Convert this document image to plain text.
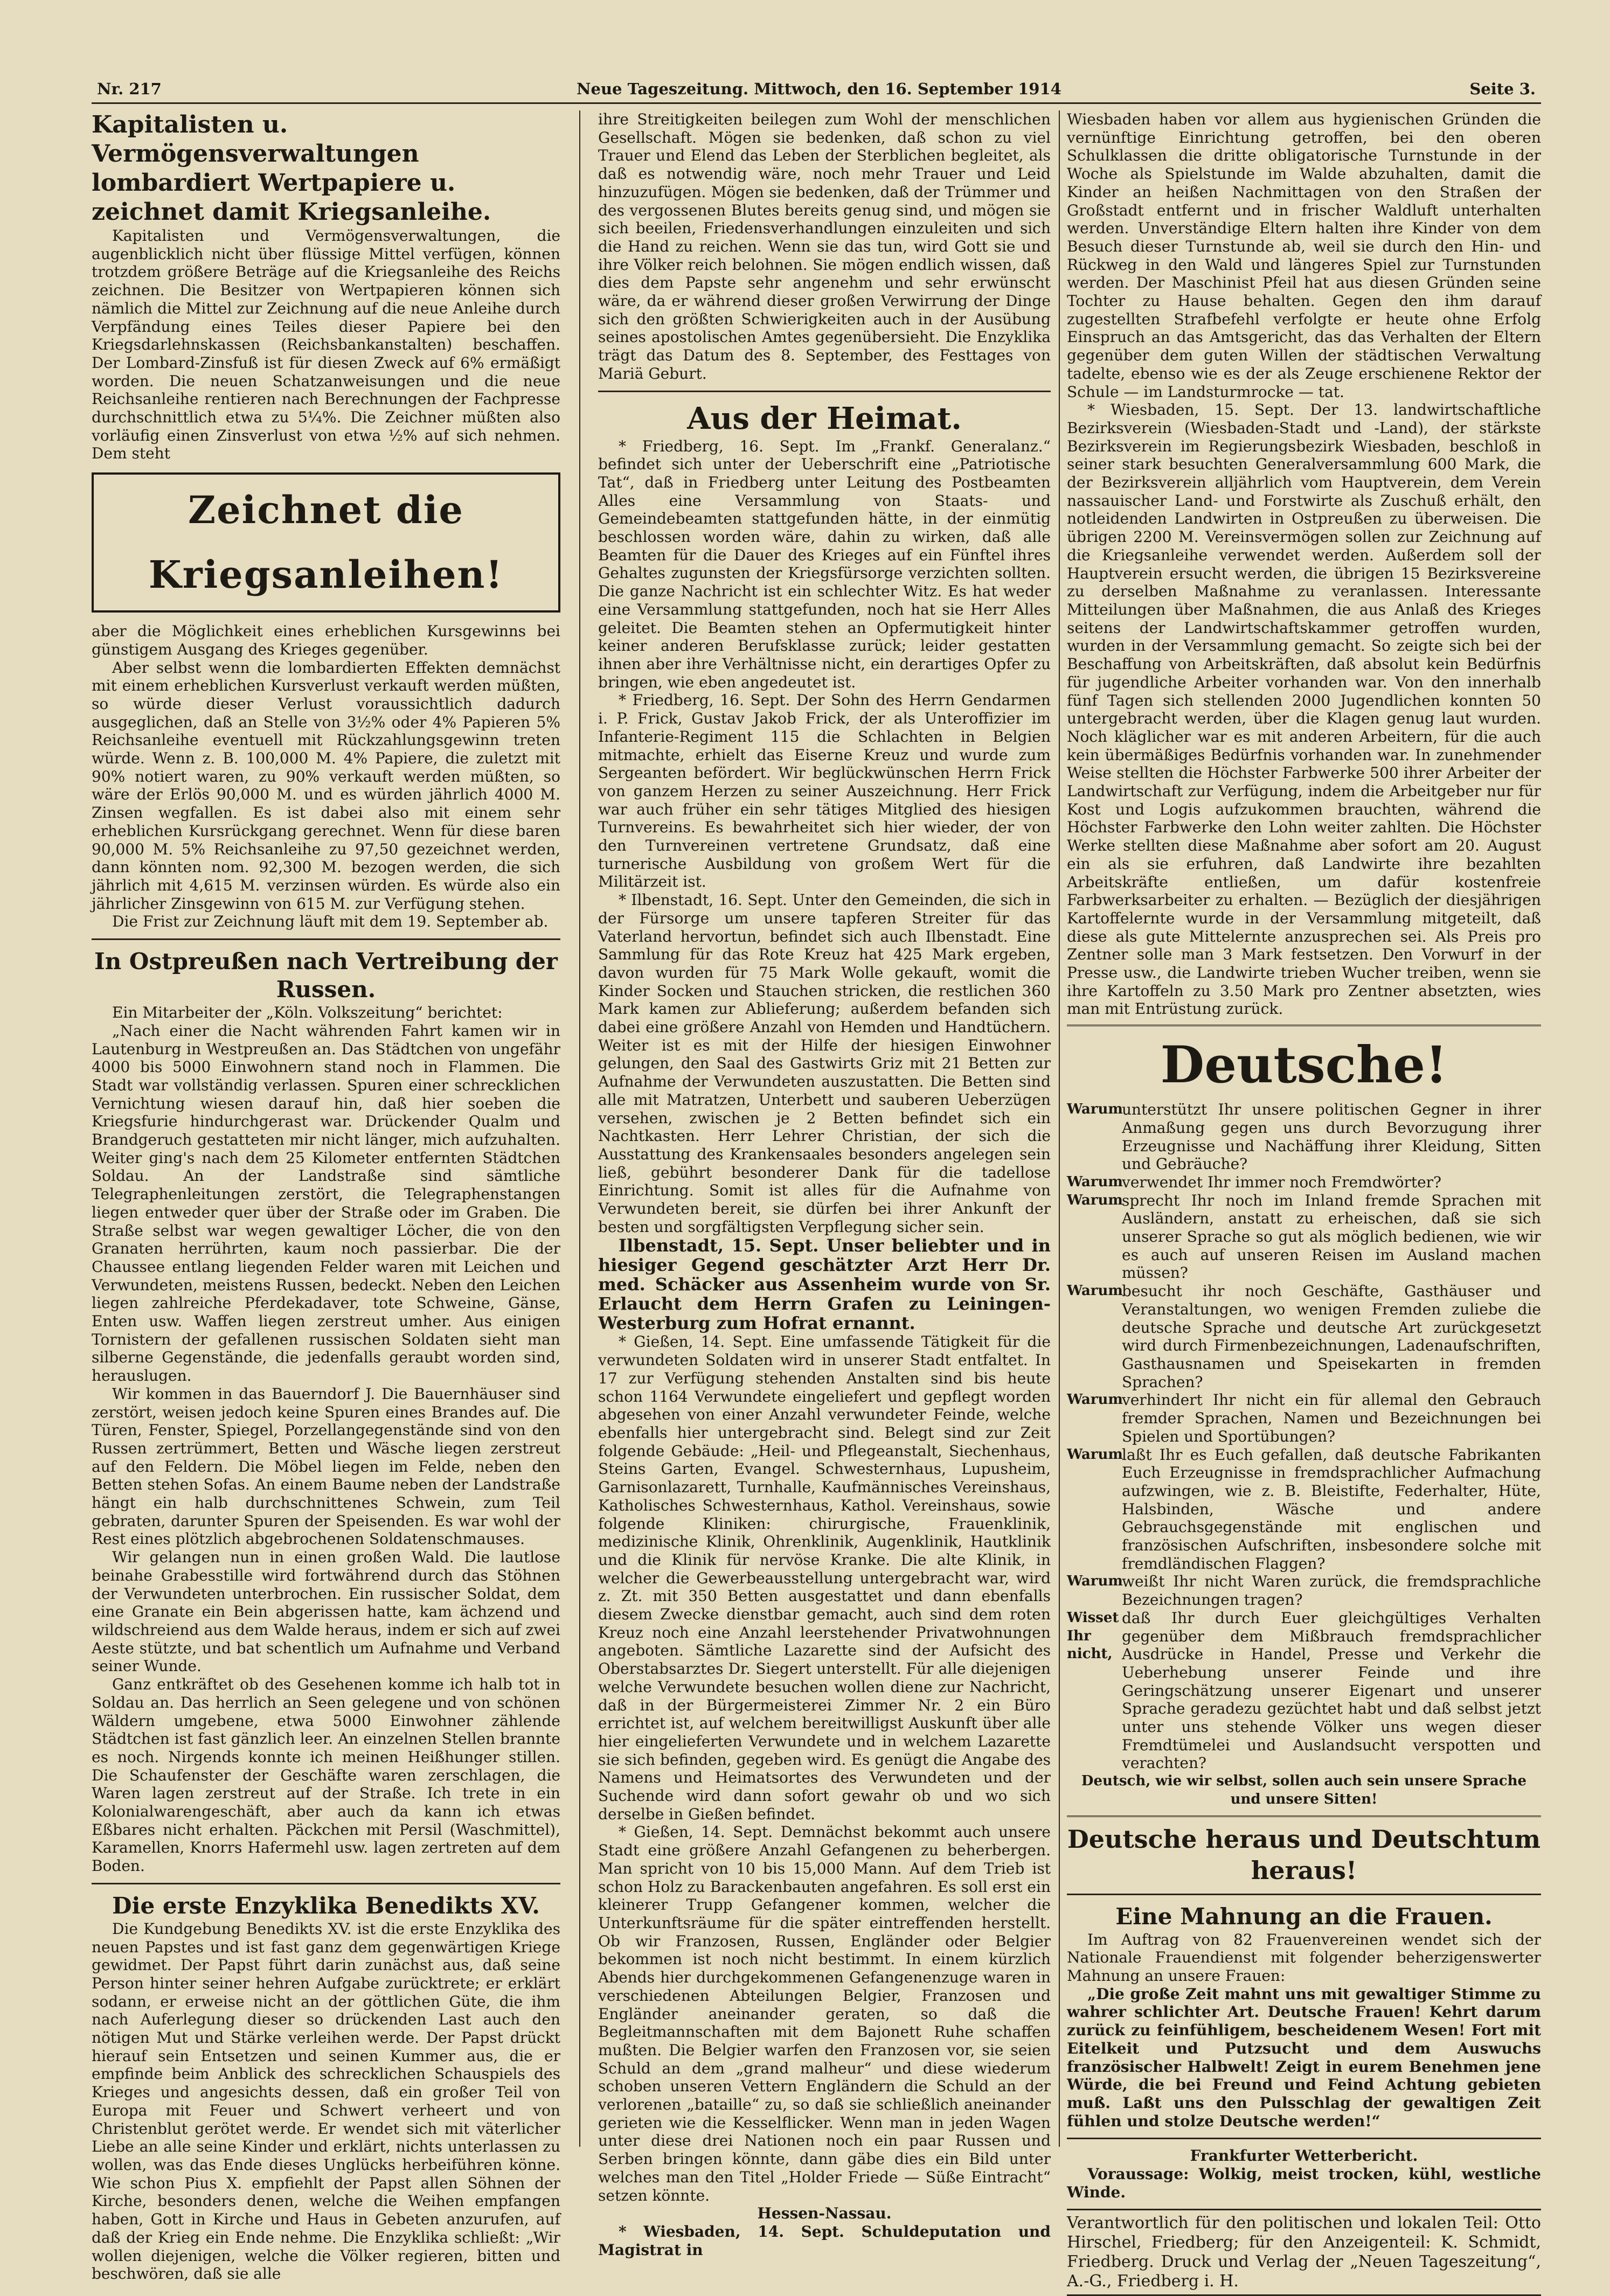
Nr. 217	Neue Tageszeitung. Mittwoch, den 16. September 1914	Seite 3.
Kapitalisten u. Vermögensverwaltungen lombardiert Wertpapiere u. zeichnet damit Kriegsanleihe.

Kapitalisten und Vermögensverwaltungen, die augenblicklich nicht über flüssige Mittel verfügen, können trotzdem größere Beträge auf die Kriegsanleihe des Reichs zeichnen. Die Besitzer von Wertpapieren können sich nämlich die Mittel zur Zeichnung auf die neue Anleihe durch Verpfändung eines Teiles dieser Papiere bei den Kriegsdarlehnskassen (Reichsbankanstalten) beschaffen. Der Lombard-Zinsfuß ist für diesen Zweck auf 6% ermäßigt worden. Die neuen Schatzanweisungen und die neue Reichsanleihe rentieren nach Berechnungen der Fachpresse durchschnittlich etwa zu 5¼%. Die Zeichner müßten also vorläufig einen Zinsverlust von etwa ½% auf sich nehmen. Dem steht

Zeichnet die Kriegsanleihen!

aber die Möglichkeit eines erheblichen Kursgewinns bei günstigem Ausgang des Krieges gegenüber.

Aber selbst wenn die lombardierten Effekten demnächst mit einem erheblichen Kursverlust verkauft werden müßten, so würde dieser Verlust voraussichtlich dadurch ausgeglichen, daß an Stelle von 3½% oder 4% Papieren 5% Reichsanleihe eventuell mit Rückzahlungsgewinn treten würde. Wenn z. B. 100,000 M. 4% Papiere, die zuletzt mit 90% notiert waren, zu 90% verkauft werden müßten, so wäre der Erlös 90,000 M. und es würden jährlich 4000 M. Zinsen wegfallen. Es ist dabei also mit einem sehr erheblichen Kursrückgang gerechnet. Wenn für diese baren 90,000 M. 5% Reichsanleihe zu 97,50 gezeichnet werden, dann könnten nom. 92,300 M. bezogen werden, die sich jährlich mit 4,615 M. verzinsen würden. Es würde also ein jährlicher Zinsgewinn von 615 M. zur Verfügung stehen.

Die Frist zur Zeichnung läuft mit dem 19. September ab.

In Ostpreußen nach Vertreibung der Russen.

Ein Mitarbeiter der „Köln. Volkszeitung“ berichtet:

„Nach einer die Nacht währenden Fahrt kamen wir in Lautenburg in Westpreußen an. Das Städtchen von ungefähr 4000 bis 5000 Einwohnern stand noch in Flammen. Die Stadt war vollständig verlassen. Spuren einer schrecklichen Vernichtung wiesen darauf hin, daß hier soeben die Kriegsfurie hindurchgerast war. Drückender Qualm und Brandgeruch gestatteten mir nicht länger, mich aufzuhalten. Weiter ging's nach dem 25 Kilometer entfernten Städtchen Soldau. An der Landstraße sind sämtliche Telegraphenleitungen zerstört, die Telegraphenstangen liegen entweder quer über der Straße oder im Graben. Die Straße selbst war wegen gewaltiger Löcher, die von den Granaten herrührten, kaum noch passierbar. Die der Chaussee entlang liegenden Felder waren mit Leichen und Verwundeten, meistens Russen, bedeckt. Neben den Leichen liegen zahlreiche Pferdekadaver, tote Schweine, Gänse, Enten usw. Waffen liegen zerstreut umher. Aus einigen Tornistern der gefallenen russischen Soldaten sieht man silberne Gegenstände, die jedenfalls geraubt worden sind, herauslugen.

Wir kommen in das Bauerndorf J. Die Bauernhäuser sind zerstört, weisen jedoch keine Spuren eines Brandes auf. Die Türen, Fenster, Spiegel, Porzellangegenstände sind von den Russen zertrümmert, Betten und Wäsche liegen zerstreut auf den Feldern. Die Möbel liegen im Felde, neben den Betten stehen Sofas. An einem Baume neben der Landstraße hängt ein halb durchschnittenes Schwein, zum Teil gebraten, darunter Spuren der Speisenden. Es war wohl der Rest eines plötzlich abgebrochenen Soldatenschmauses.

Wir gelangen nun in einen großen Wald. Die lautlose beinahe Grabesstille wird fortwährend durch das Stöhnen der Verwundeten unterbrochen. Ein russischer Soldat, dem eine Granate ein Bein abgerissen hatte, kam ächzend und wildschreiend aus dem Walde heraus, indem er sich auf zwei Aeste stützte, und bat schentlich um Aufnahme und Verband seiner Wunde.

Ganz entkräftet ob des Gesehenen komme ich halb tot in Soldau an. Das herrlich an Seen gelegene und von schönen Wäldern umgebene, etwa 5000 Einwohner zählende Städtchen ist fast gänzlich leer. An einzelnen Stellen brannte es noch. Nirgends konnte ich meinen Heißhunger stillen. Die Schaufenster der Geschäfte waren zerschlagen, die Waren lagen zerstreut auf der Straße. Ich trete in ein Kolonialwarengeschäft, aber auch da kann ich etwas Eßbares nicht erhalten. Päckchen mit Persil (Waschmittel), Karamellen, Knorrs Hafermehl usw. lagen zertreten auf dem Boden.

Die erste Enzyklika Benedikts XV.

Die Kundgebung Benedikts XV. ist die erste Enzyklika des neuen Papstes und ist fast ganz dem gegenwärtigen Kriege gewidmet. Der Papst führt darin zunächst aus, daß seine Person hinter seiner hehren Aufgabe zurücktrete; er erklärt sodann, er erweise nicht an der göttlichen Güte, die ihm nach Auferlegung dieser so drückenden Last auch den nötigen Mut und Stärke verleihen werde. Der Papst drückt hierauf sein Entsetzen und seinen Kummer aus, die er empfinde beim Anblick des schrecklichen Schauspiels des Krieges und angesichts dessen, daß ein großer Teil von Europa mit Feuer und Schwert verheert und von Christenblut gerötet werde. Er wendet sich mit väterlicher Liebe an alle seine Kinder und erklärt, nichts unterlassen zu wollen, was das Ende dieses Unglücks herbeiführen könne. Wie schon Pius X. empfiehlt der Papst allen Söhnen der Kirche, besonders denen, welche die Weihen empfangen haben, Gott in Kirche und Haus in Gebeten anzurufen, auf daß der Krieg ein Ende nehme. Die Enzyklika schließt: „Wir wollen diejenigen, welche die Völker regieren, bitten und beschwören, daß sie alle

ihre Streitigkeiten beilegen zum Wohl der menschlichen Gesellschaft. Mögen sie bedenken, daß schon zu viel Trauer und Elend das Leben der Sterblichen begleitet, als daß es notwendig wäre, noch mehr Trauer und Leid hinzuzufügen. Mögen sie bedenken, daß der Trümmer und des vergossenen Blutes bereits genug sind, und mögen sie sich beeilen, Friedensverhandlungen einzuleiten und sich die Hand zu reichen. Wenn sie das tun, wird Gott sie und ihre Völker reich belohnen. Sie mögen endlich wissen, daß dies dem Papste sehr angenehm und sehr erwünscht wäre, da er während dieser großen Verwirrung der Dinge sich den größten Schwierigkeiten auch in der Ausübung seines apostolischen Amtes gegenübersieht. Die Enzyklika trägt das Datum des 8. September, des Festtages von Mariä Geburt.

Aus der Heimat.

* Friedberg, 16. Sept. Im „Frankf. Generalanz.“ befindet sich unter der Ueberschrift eine „Patriotische Tat“, daß in Friedberg unter Leitung des Postbeamten Alles eine Versammlung von Staats- und Gemeindebeamten stattgefunden hätte, in der einmütig beschlossen worden wäre, dahin zu wirken, daß alle Beamten für die Dauer des Krieges auf ein Fünftel ihres Gehaltes zugunsten der Kriegsfürsorge verzichten sollten. Die ganze Nachricht ist ein schlechter Witz. Es hat weder eine Versammlung stattgefunden, noch hat sie Herr Alles geleitet. Die Beamten stehen an Opfermutigkeit hinter keiner anderen Berufsklasse zurück; leider gestatten ihnen aber ihre Verhältnisse nicht, ein derartiges Opfer zu bringen, wie eben angedeutet ist.

* Friedberg, 16. Sept. Der Sohn des Herrn Gendarmen i. P. Frick, Gustav Jakob Frick, der als Unteroffizier im Infanterie-Regiment 115 die Schlachten in Belgien mitmachte, erhielt das Eiserne Kreuz und wurde zum Sergeanten befördert. Wir beglückwünschen Herrn Frick von ganzem Herzen zu seiner Auszeichnung. Herr Frick war auch früher ein sehr tätiges Mitglied des hiesigen Turnvereins. Es bewahrheitet sich hier wieder, der von den Turnvereinen vertretene Grundsatz, daß eine turnerische Ausbildung von großem Wert für die Militärzeit ist.

* Ilbenstadt, 16. Sept. Unter den Gemeinden, die sich in der Fürsorge um unsere tapferen Streiter für das Vaterland hervortun, befindet sich auch Ilbenstadt. Eine Sammlung für das Rote Kreuz hat 425 Mark ergeben, davon wurden für 75 Mark Wolle gekauft, womit die Kinder Socken und Stauchen stricken, die restlichen 360 Mark kamen zur Ablieferung; außerdem befanden sich dabei eine größere Anzahl von Hemden und Handtüchern. Weiter ist es mit der Hilfe der hiesigen Einwohner gelungen, den Saal des Gastwirts Griz mit 21 Betten zur Aufnahme der Verwundeten auszustatten. Die Betten sind alle mit Matratzen, Unterbett und sauberen Ueberzügen versehen, zwischen je 2 Betten befindet sich ein Nachtkasten. Herr Lehrer Christian, der sich die Ausstattung des Krankensaales besonders angelegen sein ließ, gebührt besonderer Dank für die tadellose Einrichtung. Somit ist alles für die Aufnahme von Verwundeten bereit, sie dürfen bei ihrer Ankunft der besten und sorgfältigsten Verpflegung sicher sein.

Ilbenstadt, 15. Sept. Unser beliebter und in hiesiger Gegend geschätzter Arzt Herr Dr. med. Schäcker aus Assenheim wurde von Sr. Erlaucht dem Herrn Grafen zu Leiningen-Westerburg zum Hofrat ernannt.

* Gießen, 14. Sept. Eine umfassende Tätigkeit für die verwundeten Soldaten wird in unserer Stadt entfaltet. In 17 zur Verfügung stehenden Anstalten sind bis heute schon 1164 Verwundete eingeliefert und gepflegt worden abgesehen von einer Anzahl verwundeter Feinde, welche ebenfalls hier untergebracht sind. Belegt sind zur Zeit folgende Gebäude: „Heil- und Pflegeanstalt, Siechenhaus, Steins Garten, Evangel. Schwesternhaus, Lupusheim, Garnisonlazarett, Turnhalle, Kaufmännisches Vereinshaus, Katholisches Schwesternhaus, Kathol. Vereinshaus, sowie folgende Kliniken: chirurgische, Frauenklinik, medizinische Klinik, Ohrenklinik, Augenklinik, Hautklinik und die Klinik für nervöse Kranke. Die alte Klinik, in welcher die Gewerbeausstellung untergebracht war, wird z. Zt. mit 350 Betten ausgestattet und dann ebenfalls diesem Zwecke dienstbar gemacht, auch sind dem roten Kreuz noch eine Anzahl leerstehender Privatwohnungen angeboten. Sämtliche Lazarette sind der Aufsicht des Oberstabsarztes Dr. Siegert unterstellt. Für alle diejenigen welche Verwundete besuchen wollen diene zur Nachricht, daß in der Bürgermeisterei Zimmer Nr. 2 ein Büro errichtet ist, auf welchem bereitwilligst Auskunft über alle hier eingelieferten Verwundete und in welchem Lazarette sie sich befinden, gegeben wird. Es genügt die Angabe des Namens und Heimatsortes des Verwundeten und der Suchende wird dann sofort gewahr ob und wo sich derselbe in Gießen befindet.

* Gießen, 14. Sept. Demnächst bekommt auch unsere Stadt eine größere Anzahl Gefangenen zu beherbergen. Man spricht von 10 bis 15,000 Mann. Auf dem Trieb ist schon Holz zu Barackenbauten angefahren. Es soll erst ein kleinerer Trupp Gefangener kommen, welcher die Unterkunftsräume für die später eintreffenden herstellt. Ob wir Franzosen, Russen, Engländer oder Belgier bekommen ist noch nicht bestimmt. In einem kürzlich Abends hier durchgekommenen Gefangenenzuge waren in verschiedenen Abteilungen Belgier, Franzosen und Engländer aneinander geraten, so daß die Begleitmannschaften mit dem Bajonett Ruhe schaffen mußten. Die Belgier warfen den Franzosen vor, sie seien Schuld an dem „grand malheur“ und diese wiederum schoben unseren Vettern Engländern die Schuld an der verlorenen „bataille“ zu, so daß sie schließlich aneinander gerieten wie die Kesselflicker. Wenn man in jeden Wagen unter diese drei Nationen noch ein paar Russen und Serben bringen könnte, dann gäbe dies ein Bild unter welches man den Titel „Holder Friede — Süße Eintracht“ setzen könnte.

Hessen-Nassau.

* Wiesbaden, 14. Sept. Schuldeputation und Magistrat in

Wiesbaden haben vor allem aus hygienischen Gründen die vernünftige Einrichtung getroffen, bei den oberen Schulklassen die dritte obligatorische Turnstunde in der Woche als Spielstunde im Walde abzuhalten, damit die Kinder an heißen Nachmittagen von den Straßen der Großstadt entfernt und in frischer Waldluft unterhalten werden. Unverständige Eltern halten ihre Kinder von dem Besuch dieser Turnstunde ab, weil sie durch den Hin- und Rückweg in den Wald und längeres Spiel zur Turnstunden werden. Der Maschinist Pfeil hat aus diesen Gründen seine Tochter zu Hause behalten. Gegen den ihm darauf zugestellten Strafbefehl verfolgte er heute ohne Erfolg Einspruch an das Amtsgericht, das das Verhalten der Eltern gegenüber dem guten Willen der städtischen Verwaltung tadelte, ebenso wie es der als Zeuge erschienene Rektor der Schule — im Landsturmrocke — tat.

* Wiesbaden, 15. Sept. Der 13. landwirtschaftliche Bezirksverein (Wiesbaden-Stadt und -Land), der stärkste Bezirksverein im Regierungsbezirk Wiesbaden, beschloß in seiner stark besuchten Generalversammlung 600 Mark, die der Bezirksverein alljährlich vom Hauptverein, dem Verein nassauischer Land- und Forstwirte als Zuschuß erhält, den notleidenden Landwirten in Ostpreußen zu überweisen. Die übrigen 2200 M. Vereinsvermögen sollen zur Zeichnung auf die Kriegsanleihe verwendet werden. Außerdem soll der Hauptverein ersucht werden, die übrigen 15 Bezirksvereine zu derselben Maßnahme zu veranlassen. Interessante Mitteilungen über Maßnahmen, die aus Anlaß des Krieges seitens der Landwirtschaftskammer getroffen wurden, wurden in der Versammlung gemacht. So zeigte sich bei der Beschaffung von Arbeitskräften, daß absolut kein Bedürfnis für jugendliche Arbeiter vorhanden war. Von den innerhalb fünf Tagen sich stellenden 2000 Jugendlichen konnten 50 untergebracht werden, über die Klagen genug laut wurden. Noch kläglicher war es mit anderen Arbeitern, für die auch kein übermäßiges Bedürfnis vorhanden war. In zunehmender Weise stellten die Höchster Farbwerke 500 ihrer Arbeiter der Landwirtschaft zur Verfügung, indem die Arbeitgeber nur für Kost und Logis aufzukommen brauchten, während die Höchster Farbwerke den Lohn weiter zahlten. Die Höchster Werke stellten diese Maßnahme aber sofort am 20. August ein als sie erfuhren, daß Landwirte ihre bezahlten Arbeitskräfte entließen, um dafür kostenfreie Farbwerksarbeiter zu erhalten. — Bezüglich der diesjährigen Kartoffelernte wurde in der Versammlung mitgeteilt, daß diese als gute Mittelernte anzusprechen sei. Als Preis pro Zentner solle man 3 Mark festsetzen. Den Vorwurf in der Presse usw., die Landwirte trieben Wucher treiben, wenn sie ihre Kartoffeln zu 3.50 Mark pro Zentner absetzten, wies man mit Entrüstung zurück.

Deutsche!
Warum
unterstützt Ihr unsere politischen Gegner in ihrer Anmaßung gegen uns durch Bevorzugung ihrer Erzeugnisse und Nachäffung ihrer Kleidung, Sitten und Gebräuche?
Warum
verwendet Ihr immer noch Fremdwörter?
Warum
sprecht Ihr noch im Inland fremde Sprachen mit Ausländern, anstatt zu erheischen, daß sie sich unserer Sprache so gut als möglich bedienen, wie wir es auch auf unseren Reisen im Ausland machen müssen?
Warum
besucht ihr noch Geschäfte, Gasthäuser und Veranstaltungen, wo wenigen Fremden zuliebe die deutsche Sprache und deutsche Art zurückgesetzt wird durch Firmenbezeichnungen, Ladenaufschriften, Gasthausnamen und Speisekarten in fremden Sprachen?
Warum
verhindert Ihr nicht ein für allemal den Gebrauch fremder Sprachen, Namen und Bezeichnungen bei Spielen und Sportübungen?
Warum
laßt Ihr es Euch gefallen, daß deutsche Fabrikanten Euch Erzeugnisse in fremdsprachlicher Aufmachung aufzwingen, wie z. B. Bleistifte, Federhalter, Hüte, Halsbinden, Wäsche und andere Gebrauchsgegenstände mit englischen und französischen Aufschriften, insbesondere solche mit fremdländischen Flaggen?
Warum
weißt Ihr nicht Waren zurück, die fremdsprachliche Bezeichnungen tragen?
Wisset Ihr nicht,
daß Ihr durch Euer gleichgültiges Verhalten gegenüber dem Mißbrauch fremdsprachlicher Ausdrücke in Handel, Presse und Verkehr die Ueberhebung unserer Feinde und ihre Geringschätzung unserer Eigenart und unserer Sprache geradezu gezüchtet habt und daß selbst jetzt unter uns stehende Völker uns wegen dieser Fremdtümelei und Auslandsucht verspotten und verachten?

Deutsch, wie wir selbst, sollen auch sein unsere Sprache und unsere Sitten!

Deutsche heraus und Deutschtum heraus!
Eine Mahnung an die Frauen.

Im Auftrag von 82 Frauenvereinen wendet sich der Nationale Frauendienst mit folgender beherzigenswerter Mahnung an unsere Frauen:

„Die große Zeit mahnt uns mit gewaltiger Stimme zu wahrer schlichter Art. Deutsche Frauen! Kehrt darum zurück zu feinfühligem, bescheidenem Wesen! Fort mit Eitelkeit und Putzsucht und dem Auswuchs französischer Halbwelt! Zeigt in eurem Benehmen jene Würde, die bei Freund und Feind Achtung gebieten muß. Laßt uns den Pulsschlag der gewaltigen Zeit fühlen und stolze Deutsche werden!“

Frankfurter Wetterbericht.

Voraussage: Wolkig, meist trocken, kühl, westliche Winde.

Verantwortlich für den politischen und lokalen Teil: Otto Hirschel, Friedberg; für den Anzeigenteil: K. Schmidt, Friedberg. Druck und Verlag der „Neuen Tageszeitung“, A.-G., Friedberg i. H.
